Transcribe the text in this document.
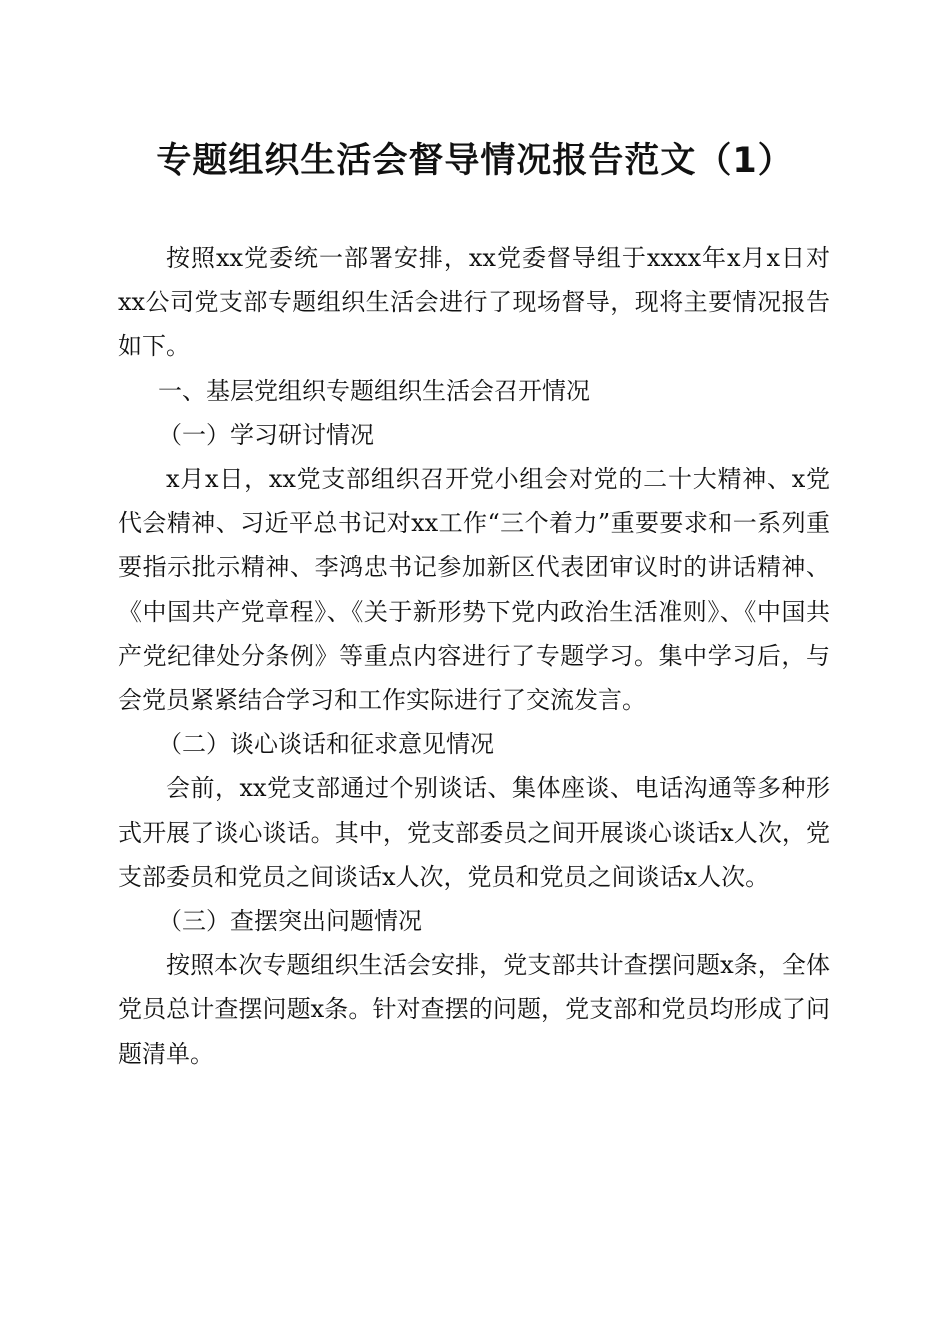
专题组织生活会督导情况报告范文（1）

按照xx党委统一部署安排，xx党委督导组于xxxx年x月x日对xx公司党支部专题组织生活会进行了现场督导，现将主要情况报告如下。

一、基层党组织专题组织生活会召开情况

（一）学习研讨情况

x月x日，xx党支部组织召开党小组会对党的二十大精神、x党代会精神、习近平总书记对xx工作“三个着力”重要要求和一系列重要指示批示精神、李鸿忠书记参加新区代表团审议时的讲话精神、《中国共产党章程》、《关于新形势下党内政治生活准则》、《中国共产党纪律处分条例》等重点内容进行了专题学习。集中学习后，与会党员紧紧结合学习和工作实际进行了交流发言。

（二）谈心谈话和征求意见情况

会前，xx党支部通过个别谈话、集体座谈、电话沟通等多种形式开展了谈心谈话。其中，党支部委员之间开展谈心谈话x人次，党支部委员和党员之间谈话x人次，党员和党员之间谈话x人次。

（三）查摆突出问题情况

按照本次专题组织生活会安排，党支部共计查摆问题x条，全体党员总计查摆问题x条。针对查摆的问题，党支部和党员均形成了问题清单。
